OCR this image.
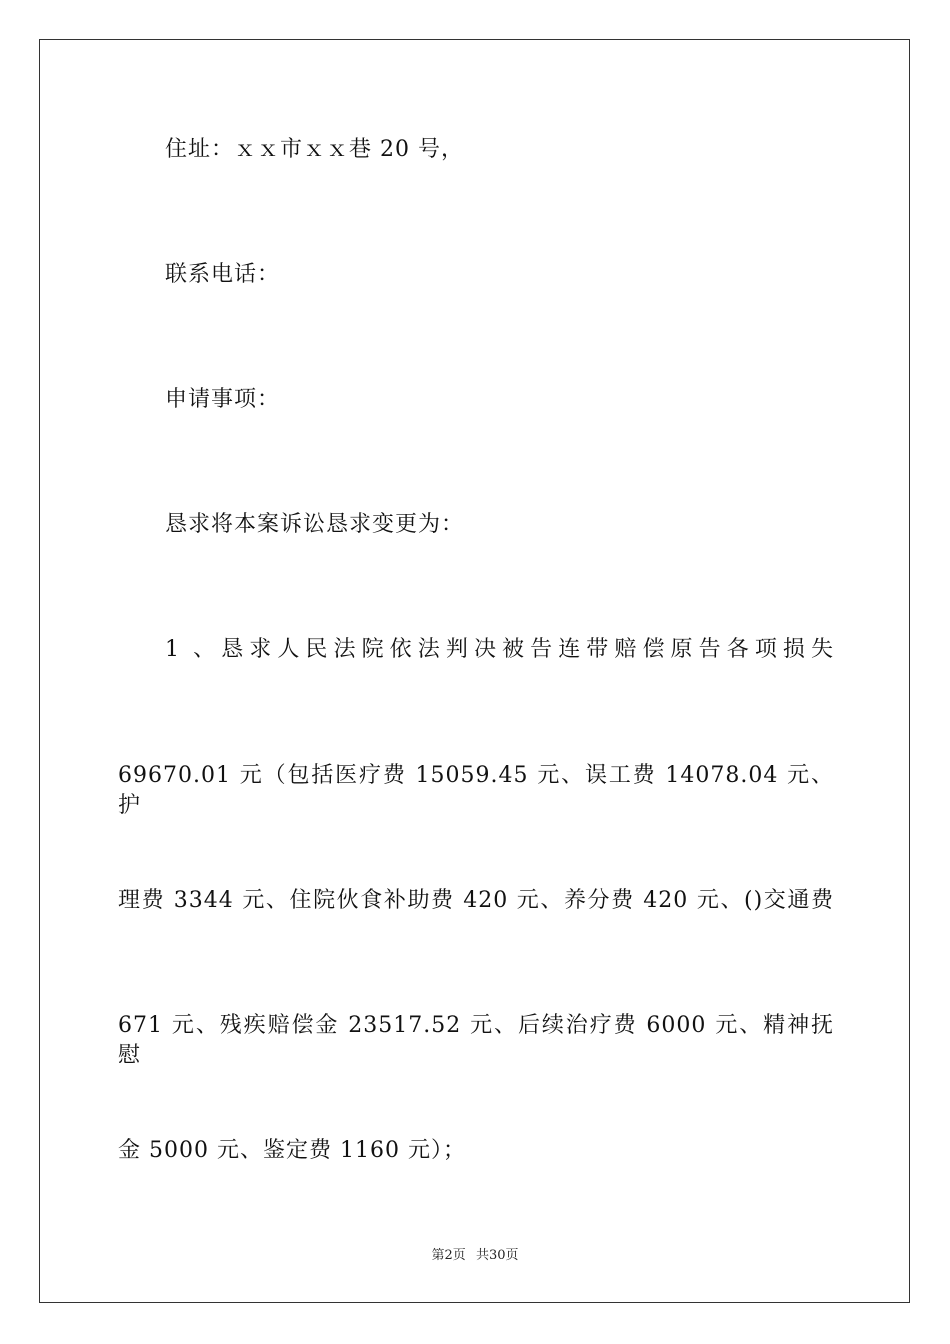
住址：ｘｘ市ｘｘ巷 20 号，
联系电话：
申请事项：
恳求将本案诉讼恳求变更为：
1 、恳求人民法院依法判决被告连带赔偿原告各项损失
69670.01 元（包括医疗费 15059.45 元、误工费 14078.04 元、护
理费 3344 元、住院伙食补助费 420 元、养分费 420 元、()交通费
671 元、残疾赔偿金 23517.52 元、后续治疗费 6000 元、精神抚慰
金 5000 元、鉴定费 1160 元）；
第2页 共30页
